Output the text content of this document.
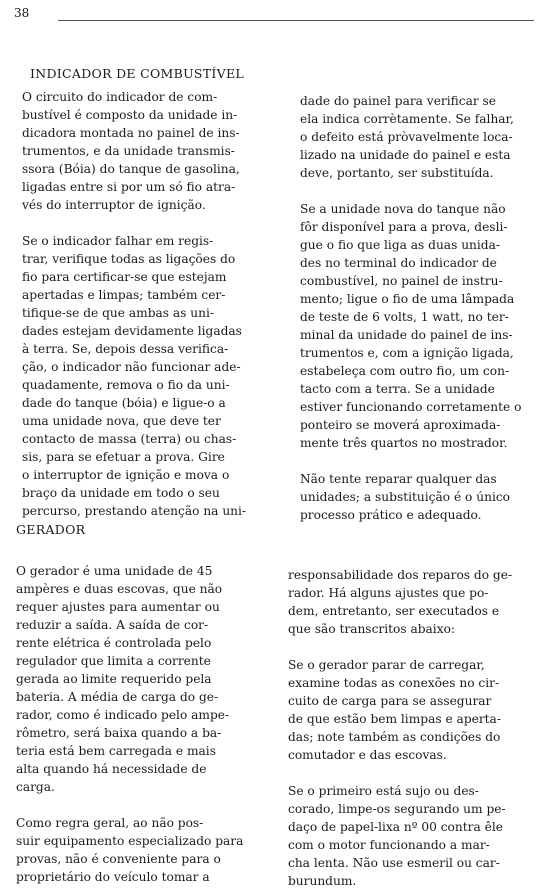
38
INDICADOR DE COMBUSTÍVEL
O circuito do indicador de com-
bustível é composto da unidade in-
dicadora montada no painel de ins-
trumentos, e da unidade transmis-
ssora (Bóia) do tanque de gasolina,
ligadas entre si por um só fio atra-
vés do interruptor de ignição.
Se o indicador falhar em regis-
trar, verifique todas as ligações do
fio para certificar-se que estejam
apertadas e limpas; também cer-
tifique-se de que ambas as uni-
dades estejam devidamente ligadas
à terra. Se, depois dessa verifica-
ção, o indicador não funcionar ade-
quadamente, remova o fio da uni-
dade do tanque (bóia) e ligue-o a
uma unidade nova, que deve ter
contacto de massa (terra) ou chas-
sis, para se efetuar a prova. Gire
o interruptor de ignição e mova o
braço da unidade em todo o seu
percurso, prestando atenção na uni-
dade do painel para verificar se
ela indica corrètamente. Se falhar,
o defeito está pròvavelmente loca-
lizado na unidade do painel e esta
deve, portanto, ser substituída.
Se a unidade nova do tanque não
fôr disponível para a prova, desli-
gue o fio que liga as duas unida-
des no terminal do indicador de
combustível, no painel de instru-
mento; ligue o fio de uma lâmpada
de teste de 6 volts, 1 watt, no ter-
minal da unidade do painel de ins-
trumentos e, com a ignição ligada,
estabeleça com outro fio, um con-
tacto com a terra. Se a unidade
estiver funcionando corretamente o
ponteiro se moverá aproximada-
mente três quartos no mostrador.
Não tente reparar qualquer das
unidades; a substituição é o único
processo prático e adequado.
GERADOR
O gerador é uma unidade de 45
ampères e duas escovas, que não
requer ajustes para aumentar ou
reduzir a saída. A saída de cor-
rente elétrica é controlada pelo
regulador que limita a corrente
gerada ao limite requerido pela
bateria. A média de carga do ge-
rador, como é indicado pelo ampe-
rômetro, será baixa quando a ba-
teria está bem carregada e mais
alta quando há necessidade de
carga.
Como regra geral, ao não pos-
suir equipamento especializado para
provas, não é conveniente para o
proprietário do veículo tomar a
responsabilidade dos reparos do ge-
rador. Há alguns ajustes que po-
dem, entretanto, ser executados e
que são transcritos abaixo:
Se o gerador parar de carregar,
examine todas as conexões no cir-
cuito de carga para se assegurar
de que estão bem limpas e aperta-
das; note também as condições do
comutador e das escovas.
Se o primeiro está sujo ou des-
corado, limpe-os segurando um pe-
daço de papel-lixa nº 00 contra êle
com o motor funcionando a mar-
cha lenta. Não use esmeril ou car-
burundum.
